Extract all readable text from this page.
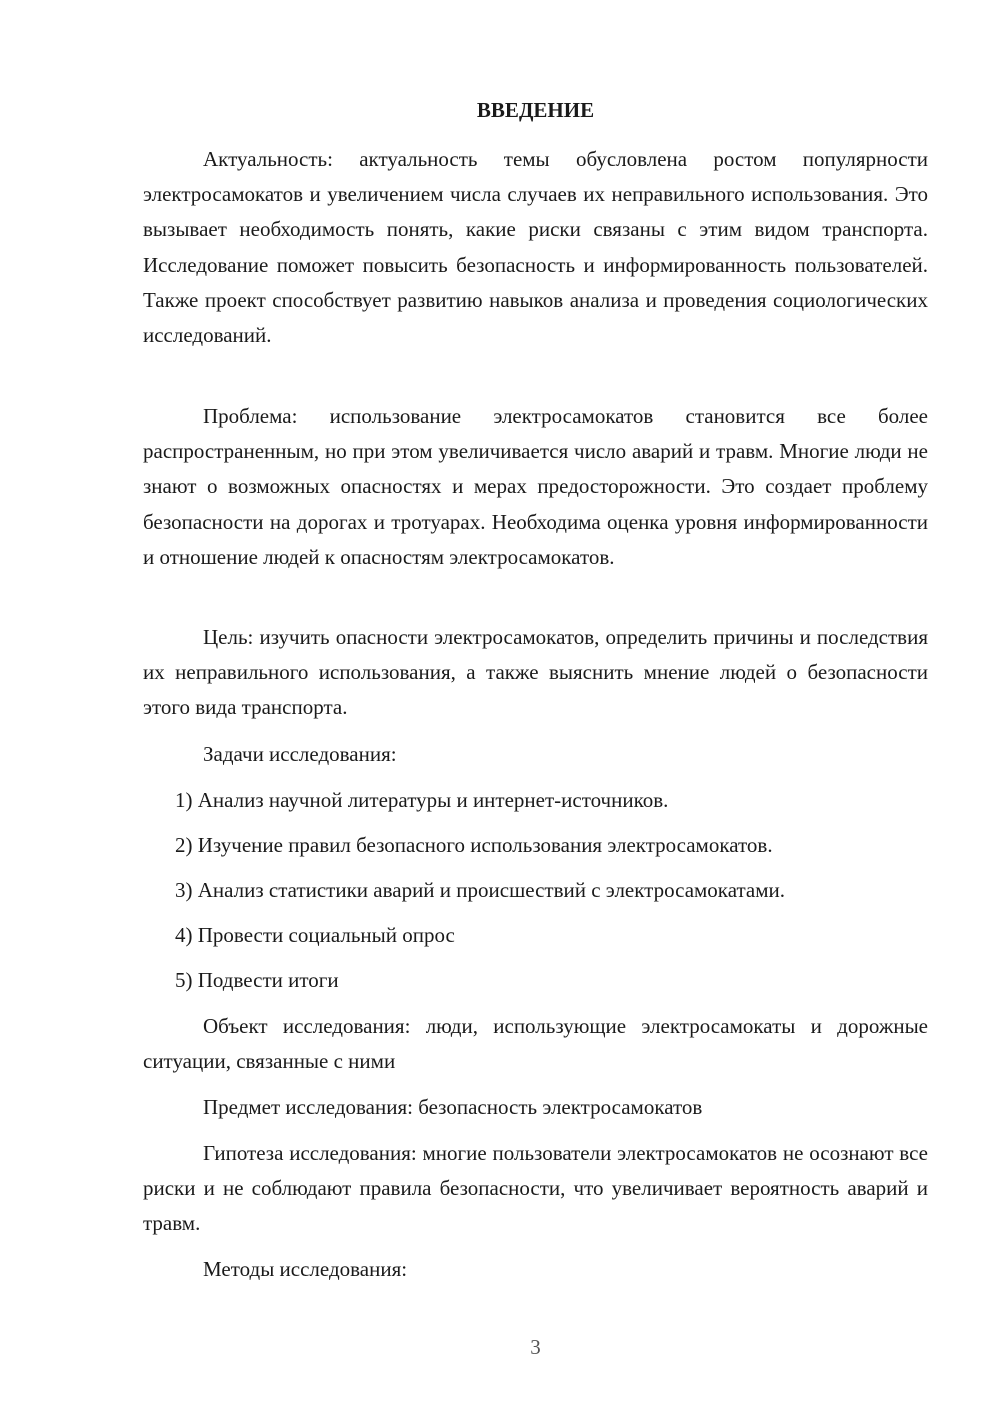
ВВЕДЕНИЕ

Актуальность: актуальность темы обусловлена ростом популярности электросамокатов и увеличением числа случаев их неправильного использования. Это вызывает необходимость понять, какие риски связаны с этим видом транспорта. Исследование поможет повысить безопасность и информированность пользователей. Также проект способствует развитию навыков анализа и проведения социологических исследований.

Проблема: использование электросамокатов становится все более распространенным, но при этом увеличивается число аварий и травм. Многие люди не знают о возможных опасностях и мерах предосторожности. Это создает проблему безопасности на дорогах и тротуарах. Необходима оценка уровня информированности и отношение людей к опасностям электросамокатов.

Цель: изучить опасности электросамокатов, определить причины и последствия их неправильного использования, а также выяснить мнение людей о безопасности этого вида транспорта.

Задачи исследования:

1) Анализ научной литературы и интернет-источников.

2) Изучение правил безопасного использования электросамокатов.

3) Анализ статистики аварий и происшествий с электросамокатами.

4) Провести социальный опрос

5) Подвести итоги

Объект исследования: люди, использующие электросамокаты и дорожные ситуации, связанные с ними

Предмет исследования: безопасность электросамокатов

Гипотеза исследования: многие пользователи электросамокатов не осознают все риски и не соблюдают правила безопасности, что увеличивает вероятность аварий и травм.

Методы исследования:

3
